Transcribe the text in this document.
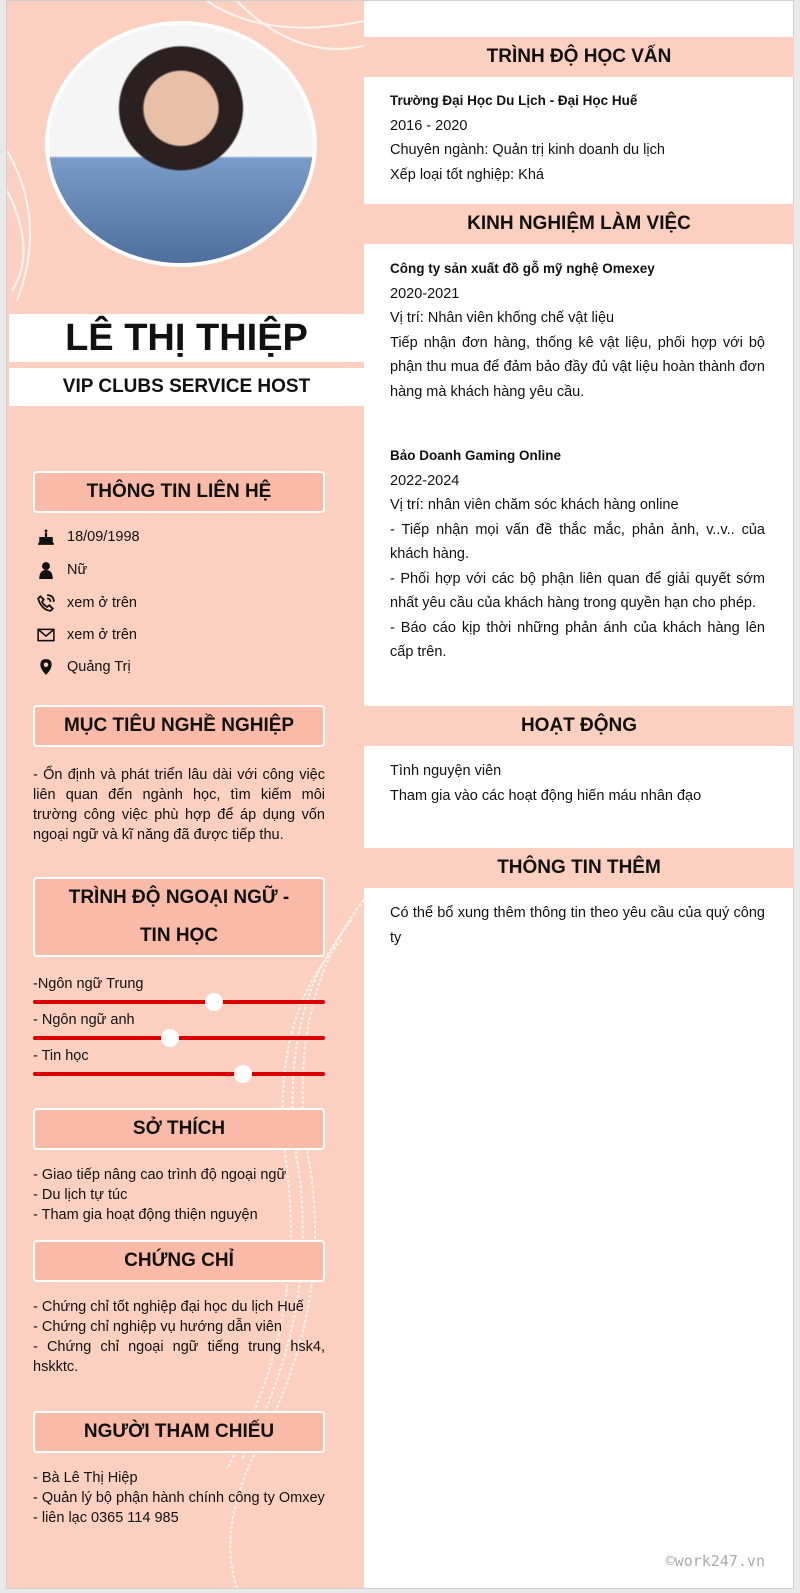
LÊ THỊ THIỆP
VIP CLUBS SERVICE HOST
THÔNG TIN LIÊN HỆ
18/09/1998
Nữ
xem ở trên
xem ở trên
Quảng Trị
MỤC TIÊU NGHỀ NGHIỆP
- Ổn định và phát triển lâu dài với công việc liên quan đến ngành học, tìm kiếm môi trường công việc phù hợp để áp dụng vốn ngoại ngữ và kĩ năng đã được tiếp thu.
TRÌNH ĐỘ NGOẠI NGỮ - TIN HỌC
-Ngôn ngữ Trung
- Ngôn ngữ anh
- Tin học
SỞ THÍCH
- Giao tiếp nâng cao trình độ ngoại ngữ
- Du lịch tự túc
- Tham gia hoạt động thiện nguyện
CHỨNG CHỈ
- Chứng chỉ tốt nghiệp đại học du lịch Huế
- Chứng chỉ nghiệp vụ hướng dẫn viên
- Chứng chỉ ngoại ngữ tiếng trung hsk4, hskktc.
NGƯỜI THAM CHIẾU
- Bà Lê Thị Hiệp
- Quản lý bộ phận hành chính công ty Omxey
- liên lạc 0365 114 985
TRÌNH ĐỘ HỌC VẤN
Trường Đại Học Du Lịch - Đại Học Huế
2016 - 2020
Chuyên ngành: Quản trị kinh doanh du lịch
Xếp loại tốt nghiệp: Khá
KINH NGHIỆM LÀM VIỆC
Công ty sản xuất đồ gỗ mỹ nghệ Omexey
2020-2021
Vị trí: Nhân viên khống chế vật liệu
Tiếp nhận đơn hàng, thống kê vật liệu, phối hợp với bộ phận thu mua để đảm bảo đầy đủ vật liệu hoàn thành đơn hàng mà khách hàng yêu cầu.
Bảo Doanh Gaming Online
2022-2024
Vị trí: nhân viên chăm sóc khách hàng online
- Tiếp nhận mọi vấn đề thắc mắc, phản ảnh, v..v.. của khách hàng.
- Phối hợp với các bộ phận liên quan để giải quyết sớm nhất yêu cầu của khách hàng trong quyền hạn cho phép.
- Báo cáo kịp thời những phản ánh của khách hàng lên cấp trên.
HOẠT ĐỘNG
Tình nguyện viên
Tham gia vào các hoạt động hiến máu nhân đạo
THÔNG TIN THÊM
Có thể bổ xung thêm thông tin theo yêu cầu của quý công ty
©work247.vn
